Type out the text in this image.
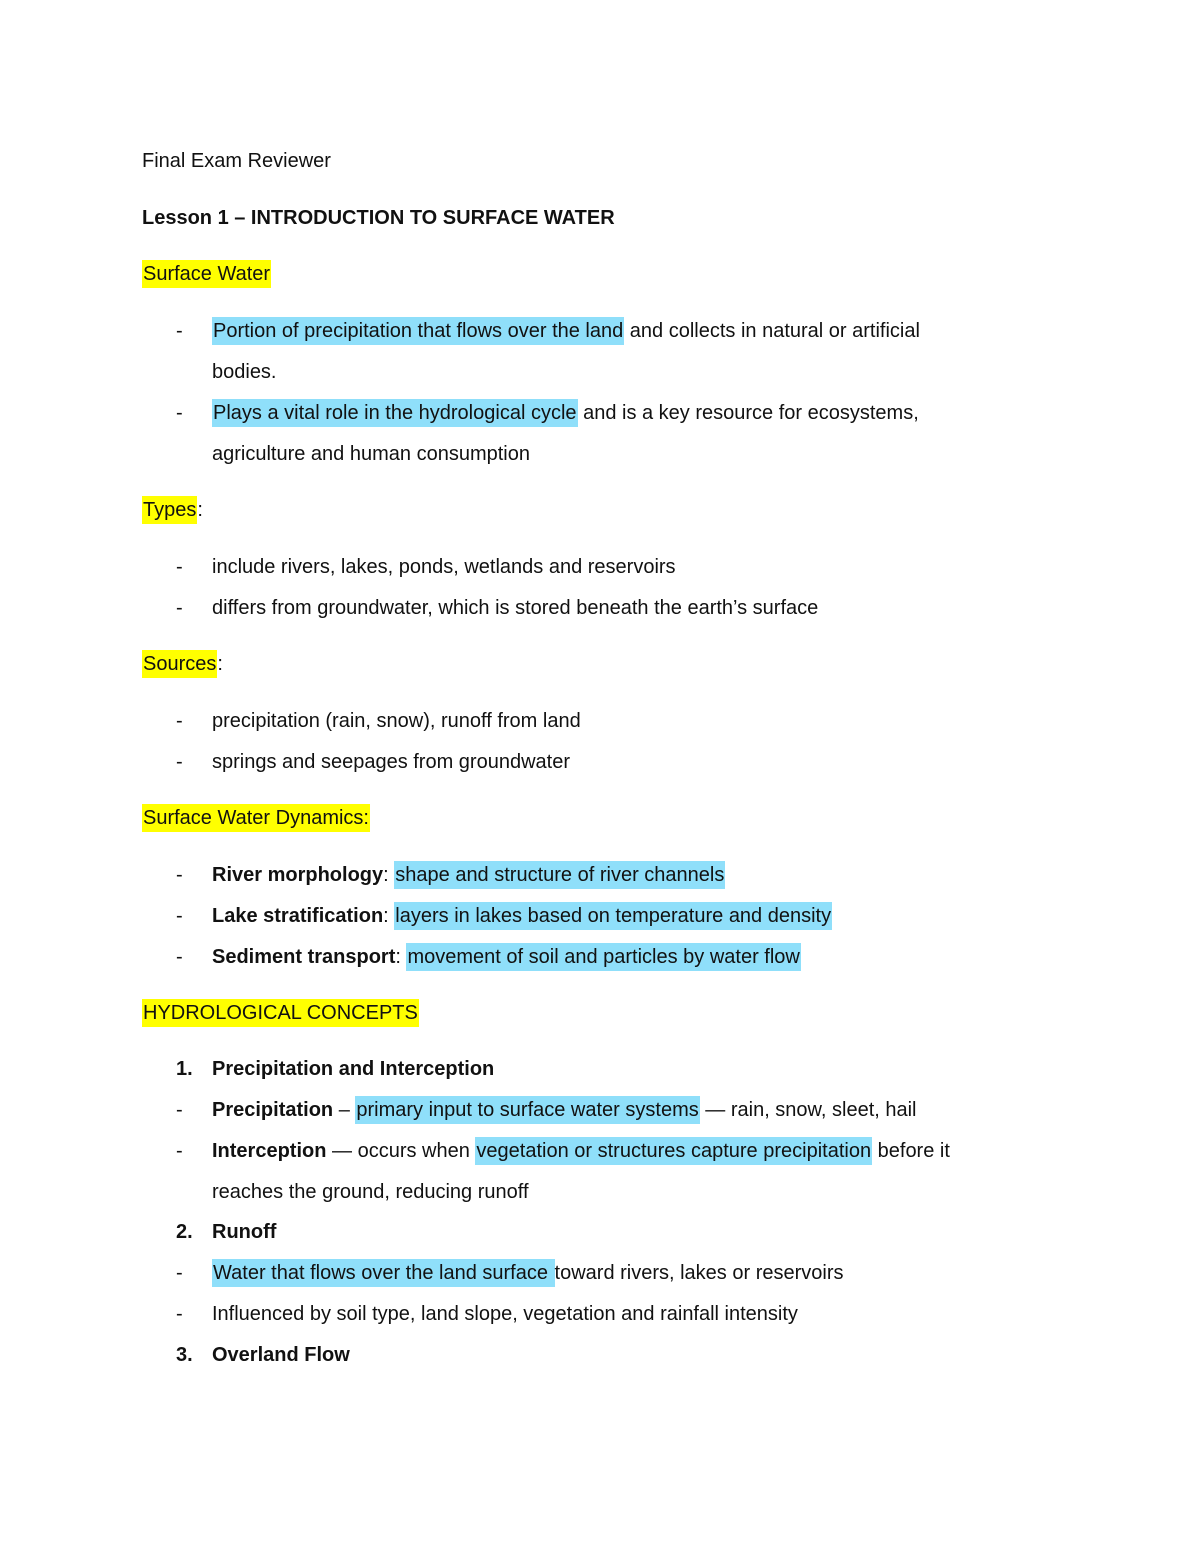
Final Exam Reviewer
Lesson 1 – INTRODUCTION TO SURFACE WATER
Surface Water
- Portion of precipitation that flows over the land and collects in natural or artificial
bodies.
- Plays a vital role in the hydrological cycle and is a key resource for ecosystems,
agriculture and human consumption
Types:
- include rivers, lakes, ponds, wetlands and reservoirs
- differs from groundwater, which is stored beneath the earth’s surface
Sources:
- precipitation (rain, snow), runoff from land
- springs and seepages from groundwater
Surface Water Dynamics:
- River morphology: shape and structure of river channels
- Lake stratification: layers in lakes based on temperature and density
- Sediment transport: movement of soil and particles by water flow
HYDROLOGICAL CONCEPTS
1. Precipitation and Interception
- Precipitation – primary input to surface water systems — rain, snow, sleet, hail
- Interception — occurs when vegetation or structures capture precipitation before it
reaches the ground, reducing runoff
2. Runoff
- Water that flows over the land surface toward rivers, lakes or reservoirs
- Influenced by soil type, land slope, vegetation and rainfall intensity
3. Overland Flow
